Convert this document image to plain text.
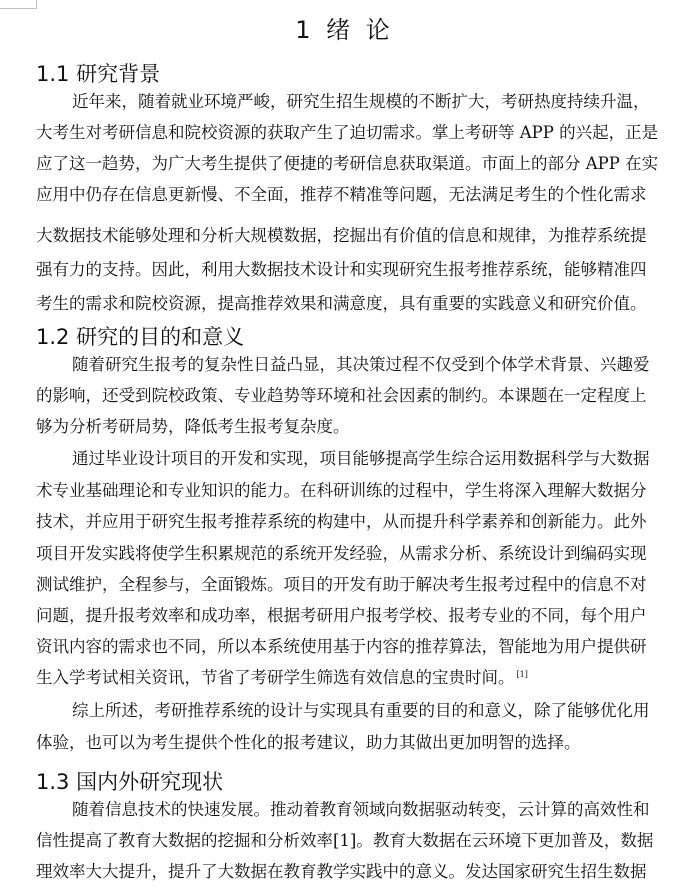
1 绪 论
1.1 研究背景
近年来，随着就业环境严峻，研究生招生规模的不断扩大，考研热度持续升温，
大考生对考研信息和院校资源的获取产生了迫切需求。掌上考研等 APP 的兴起，正是
应了这一趋势，为广大考生提供了便捷的考研信息获取渠道。市面上的部分 APP 在实
应用中仍存在信息更新慢、不全面，推荐不精准等问题，无法满足考生的个性化需求
大数据技术能够处理和分析大规模数据，挖掘出有价值的信息和规律，为推荐系统提
强有力的支持。因此，利用大数据技术设计和实现研究生报考推荐系统，能够精准四
考生的需求和院校资源，提高推荐效果和满意度，具有重要的实践意义和研究价值。
1.2 研究的目的和意义
随着研究生报考的复杂性日益凸显，其决策过程不仅受到个体学术背景、兴趣爱
的影响，还受到院校政策、专业趋势等环境和社会因素的制约。本课题在一定程度上
够为分析考研局势，降低考生报考复杂度。
通过毕业设计项目的开发和实现，项目能够提高学生综合运用数据科学与大数据
术专业基础理论和专业知识的能力。在科研训练的过程中，学生将深入理解大数据分
技术，并应用于研究生报考推荐系统的构建中，从而提升科学素养和创新能力。此外
项目开发实践将使学生积累规范的系统开发经验，从需求分析、系统设计到编码实现
测试维护，全程参与，全面锻炼。项目的开发有助于解决考生报考过程中的信息不对
问题，提升报考效率和成功率，根据考研用户报考学校、报考专业的不同，每个用户
资讯内容的需求也不同，所以本系统使用基于内容的推荐算法，智能地为用户提供研
生入学考试相关资讯，节省了考研学生筛选有效信息的宝贵时间。 [1]
综上所述，考研推荐系统的设计与实现具有重要的目的和意义，除了能够优化用
体验，也可以为考生提供个性化的报考建议，助力其做出更加明智的选择。
1.3 国内外研究现状
随着信息技术的快速发展。推动着教育领域向数据驱动转变，云计算的高效性和
信性提高了教育大数据的挖掘和分析效率[1]。教育大数据在云环境下更加普及，数据
理效率大大提升，提升了大数据在教育教学实践中的意义。发达国家研究生招生数据
